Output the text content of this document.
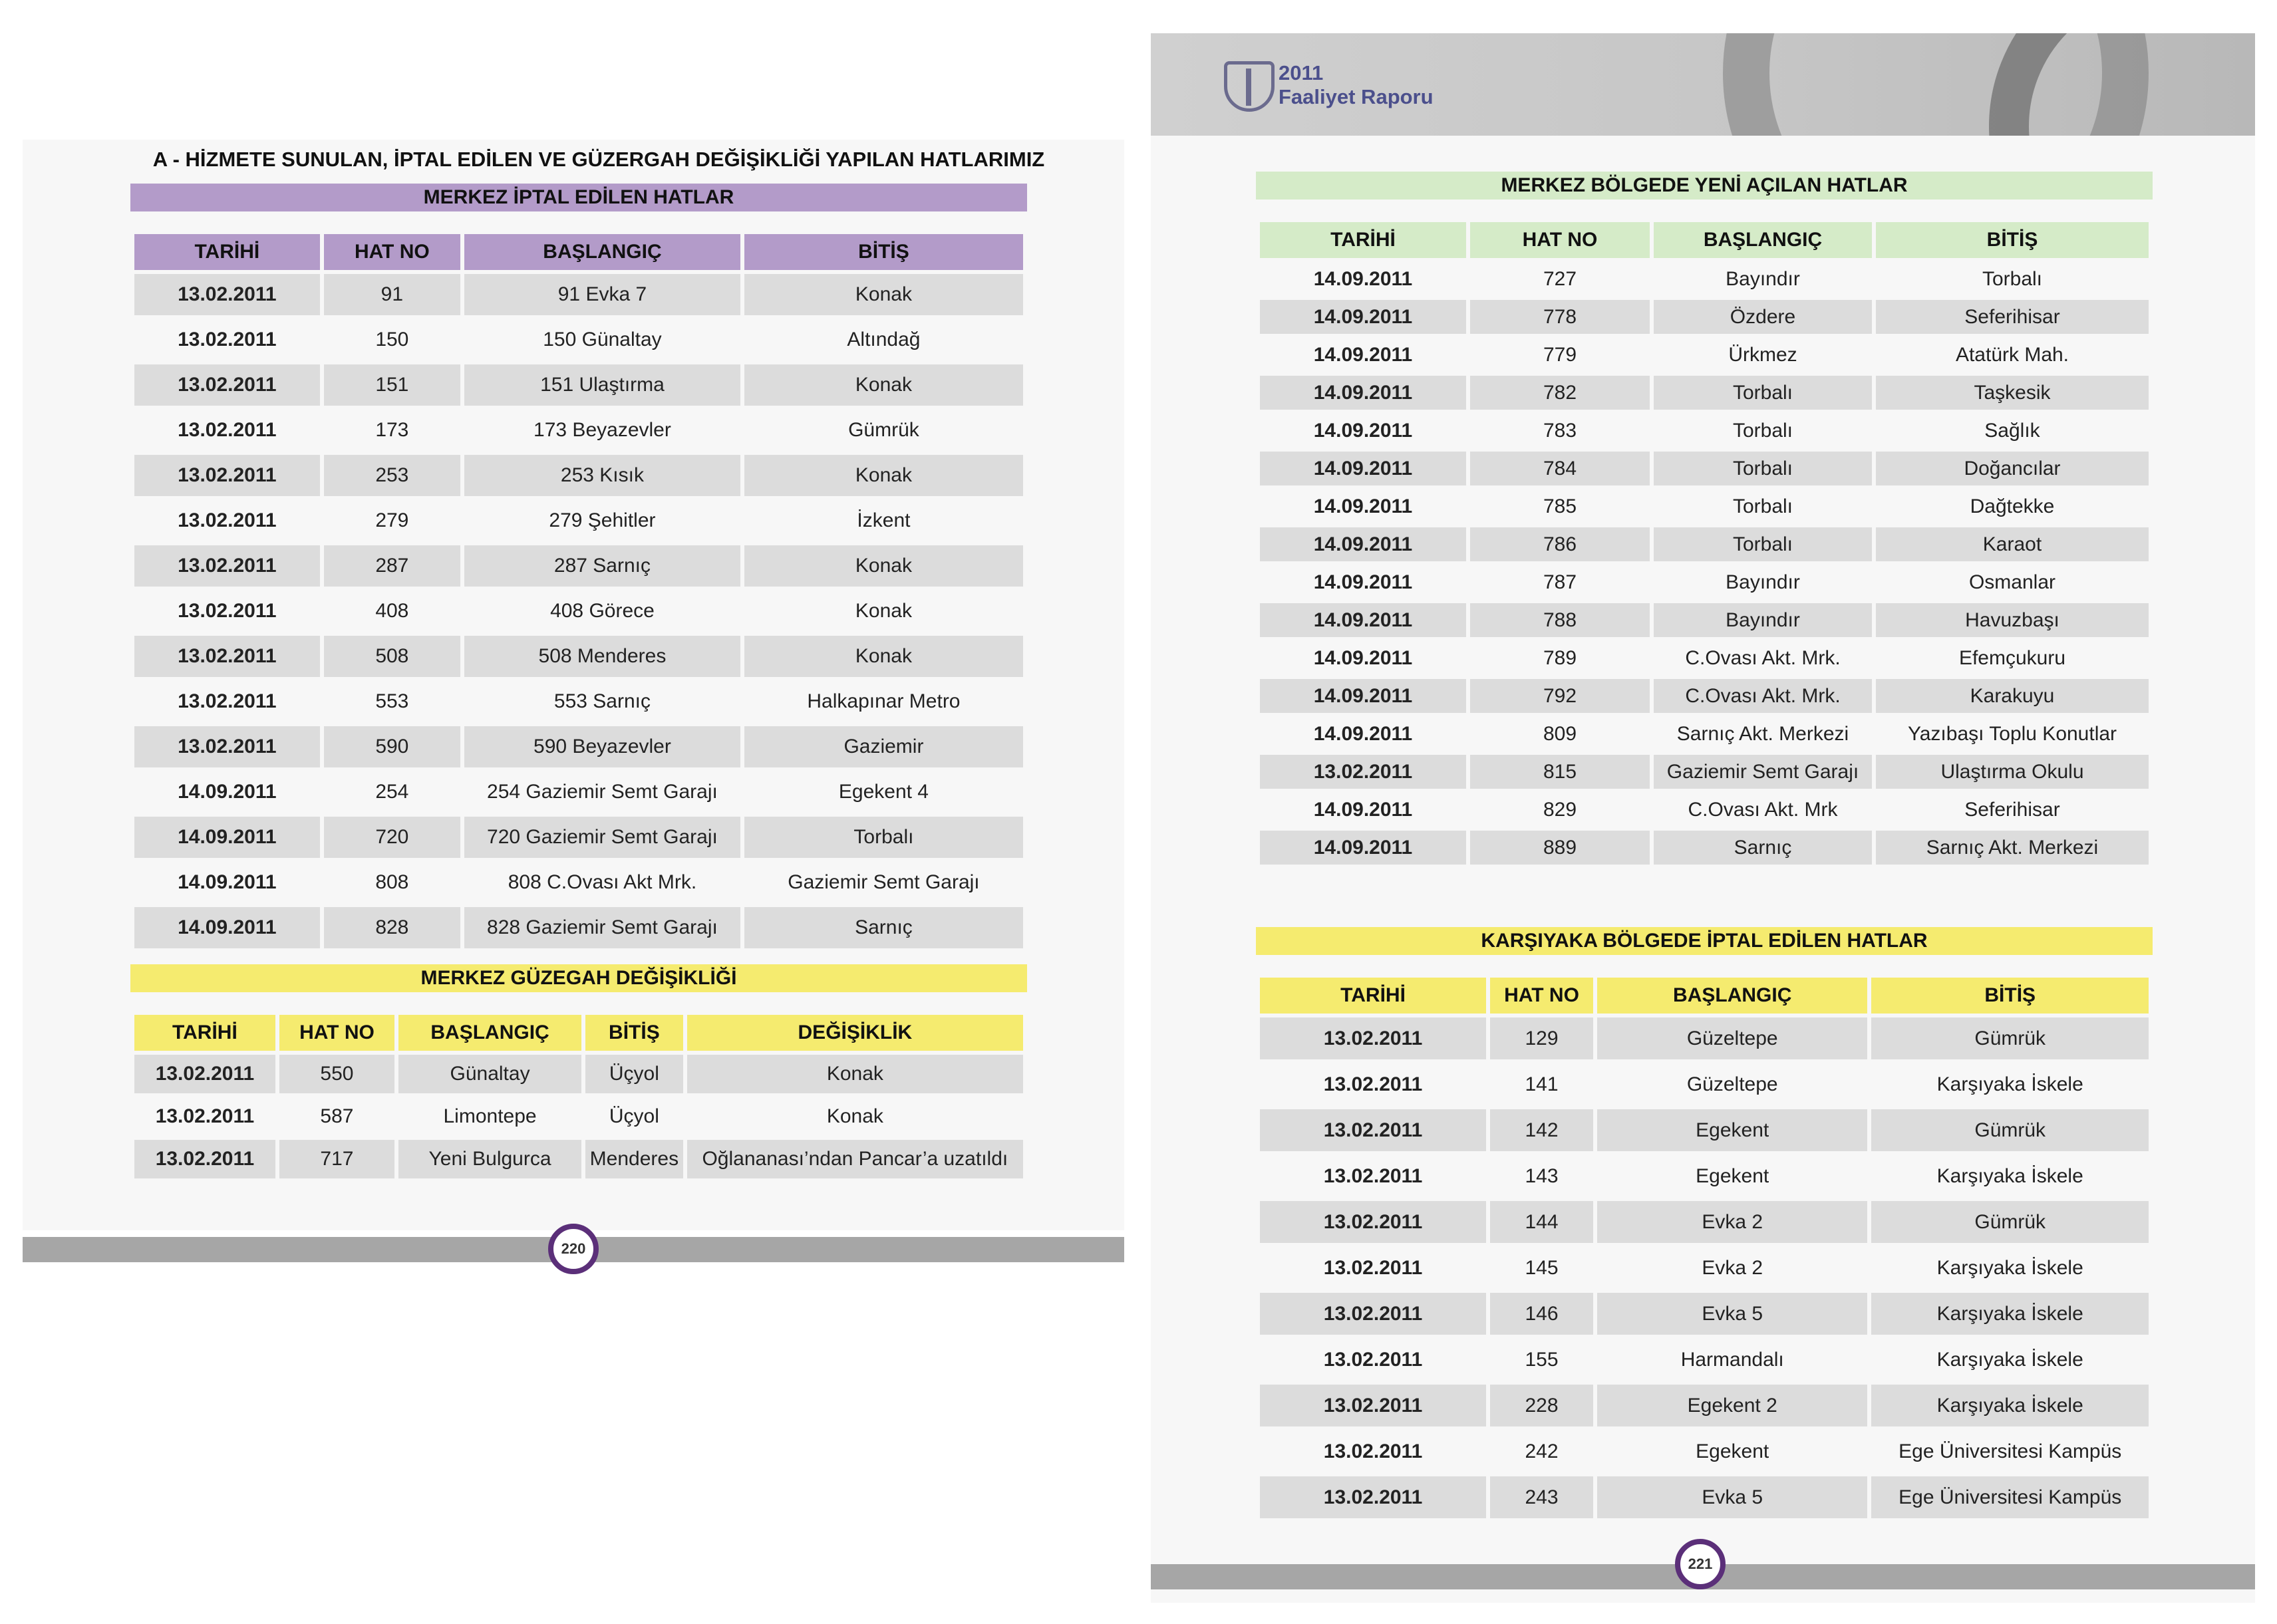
A - HİZMETE SUNULAN, İPTAL EDİLEN VE GÜZERGAH DEĞİŞİKLİĞİ YAPILAN HATLARIMIZ
MERKEZ İPTAL EDİLEN HATLAR
TARİHİ	HAT NO	BAŞLANGIÇ	BİTİŞ
13.02.2011	91	91 Evka 7	Konak
13.02.2011	150	150 Günaltay	Altındağ
13.02.2011	151	151 Ulaştırma	Konak
13.02.2011	173	173 Beyazevler	Gümrük
13.02.2011	253	253 Kısık	Konak
13.02.2011	279	279 Şehitler	İzkent
13.02.2011	287	287 Sarnıç	Konak
13.02.2011	408	408 Görece	Konak
13.02.2011	508	508 Menderes	Konak
13.02.2011	553	553 Sarnıç	Halkapınar Metro
13.02.2011	590	590 Beyazevler	Gaziemir
14.09.2011	254	254 Gaziemir Semt Garajı	Egekent 4
14.09.2011	720	720 Gaziemir Semt Garajı	Torbalı
14.09.2011	808	808 C.Ovası Akt Mrk.	Gaziemir Semt Garajı
14.09.2011	828	828 Gaziemir Semt Garajı	Sarnıç
MERKEZ GÜZEGAH DEĞİŞİKLİĞİ
TARİHİ	HAT NO	BAŞLANGIÇ	BİTİŞ	DEĞİŞİKLİK
13.02.2011	550	Günaltay	Üçyol	Konak
13.02.2011	587	Limontepe	Üçyol	Konak
13.02.2011	717	Yeni Bulgurca	Menderes	Oğlananası’ndan Pancar’a uzatıldı
220
2011
Faaliyet Raporu
MERKEZ BÖLGEDE YENİ AÇILAN HATLAR
TARİHİ	HAT NO	BAŞLANGIÇ	BİTİŞ
14.09.2011	727	Bayındır	Torbalı
14.09.2011	778	Özdere	Seferihisar
14.09.2011	779	Ürkmez	Atatürk Mah.
14.09.2011	782	Torbalı	Taşkesik
14.09.2011	783	Torbalı	Sağlık
14.09.2011	784	Torbalı	Doğancılar
14.09.2011	785	Torbalı	Dağtekke
14.09.2011	786	Torbalı	Karaot
14.09.2011	787	Bayındır	Osmanlar
14.09.2011	788	Bayındır	Havuzbaşı
14.09.2011	789	C.Ovası Akt. Mrk.	Efemçukuru
14.09.2011	792	C.Ovası Akt. Mrk.	Karakuyu
14.09.2011	809	Sarnıç Akt. Merkezi	Yazıbaşı Toplu Konutlar
13.02.2011	815	Gaziemir Semt Garajı	Ulaştırma Okulu
14.09.2011	829	C.Ovası Akt. Mrk	Seferihisar
14.09.2011	889	Sarnıç	Sarnıç Akt. Merkezi
KARŞIYAKA BÖLGEDE İPTAL EDİLEN HATLAR
TARİHİ	HAT NO	BAŞLANGIÇ	BİTİŞ
13.02.2011	129	Güzeltepe	Gümrük
13.02.2011	141	Güzeltepe	Karşıyaka İskele
13.02.2011	142	Egekent	Gümrük
13.02.2011	143	Egekent	Karşıyaka İskele
13.02.2011	144	Evka 2	Gümrük
13.02.2011	145	Evka 2	Karşıyaka İskele
13.02.2011	146	Evka 5	Karşıyaka İskele
13.02.2011	155	Harmandalı	Karşıyaka İskele
13.02.2011	228	Egekent 2	Karşıyaka İskele
13.02.2011	242	Egekent	Ege Üniversitesi Kampüs
13.02.2011	243	Evka 5	Ege Üniversitesi Kampüs
221
